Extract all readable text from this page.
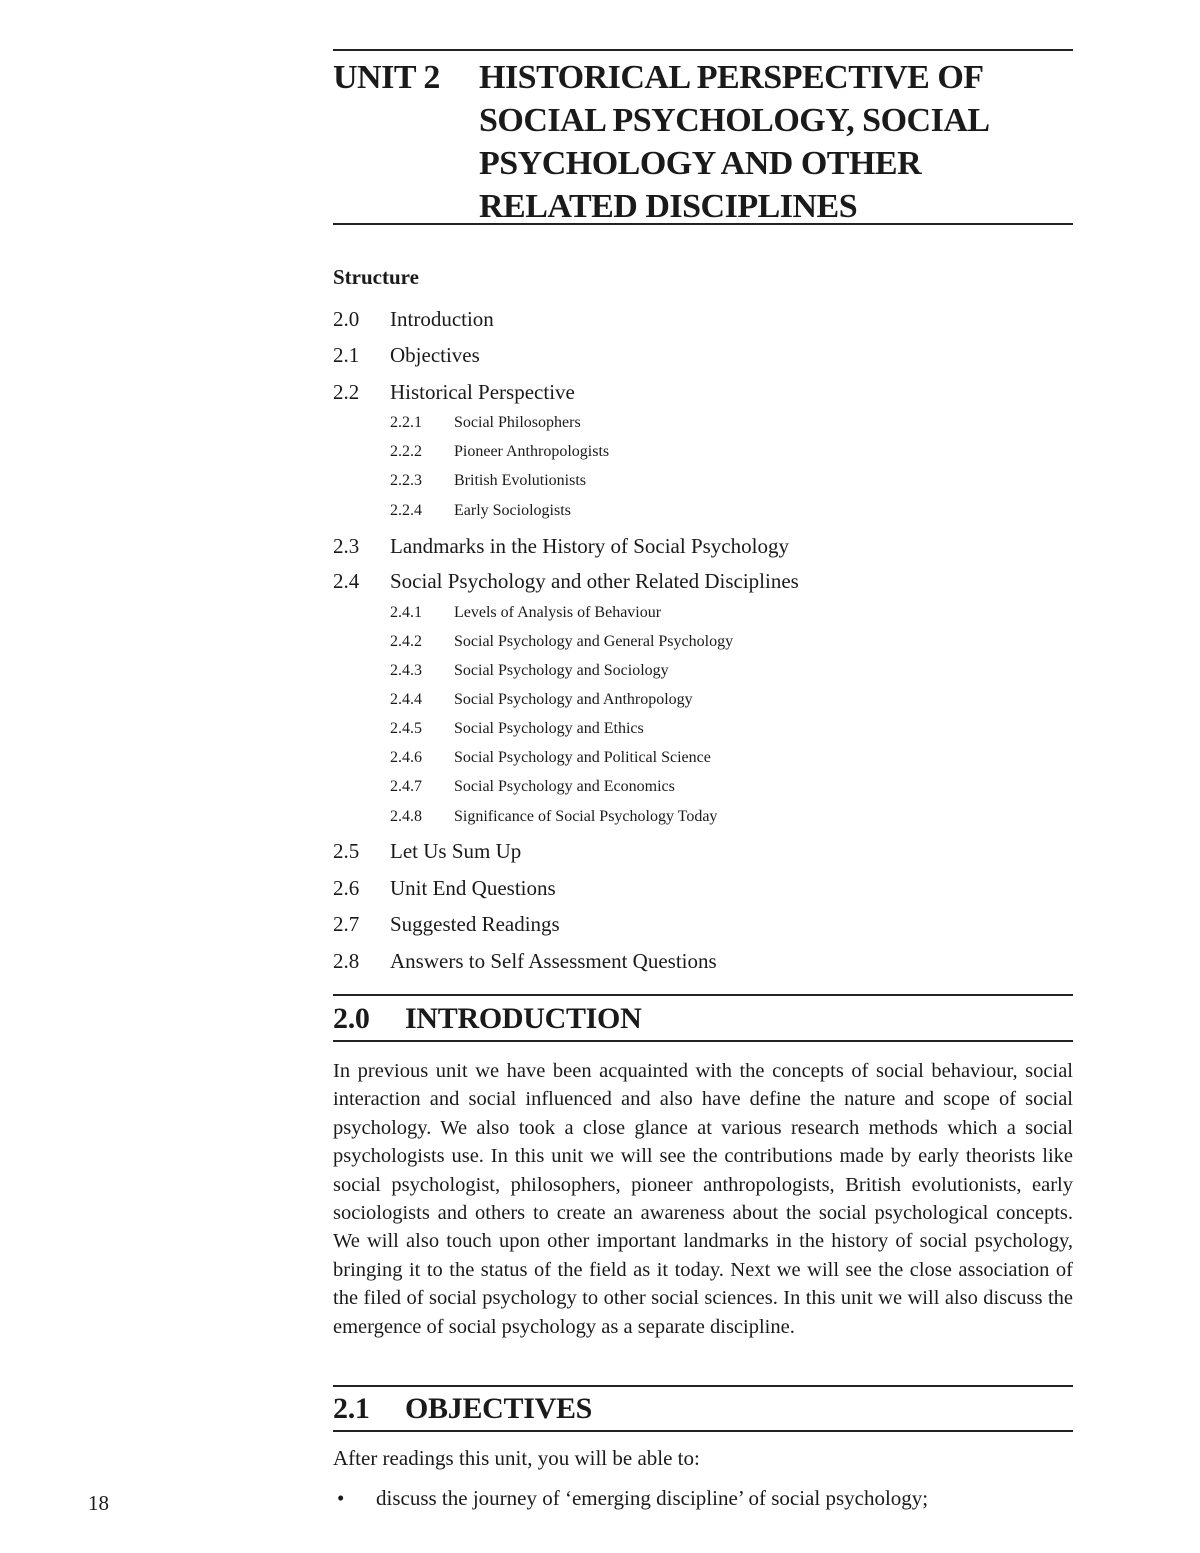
UNIT 2 HISTORICAL PERSPECTIVE OF
SOCIAL PSYCHOLOGY, SOCIAL
PSYCHOLOGY AND OTHER
RELATED DISCIPLINES
Structure
2.0 Introduction
2.1 Objectives
2.2 Historical Perspective
2.2.1 Social Philosophers
2.2.2 Pioneer Anthropologists
2.2.3 British Evolutionists
2.2.4 Early Sociologists
2.3 Landmarks in the History of Social Psychology
2.4 Social Psychology and other Related Disciplines
2.4.1 Levels of Analysis of Behaviour
2.4.2 Social Psychology and General Psychology
2.4.3 Social Psychology and Sociology
2.4.4 Social Psychology and Anthropology
2.4.5 Social Psychology and Ethics
2.4.6 Social Psychology and Political Science
2.4.7 Social Psychology and Economics
2.4.8 Significance of Social Psychology Today
2.5 Let Us Sum Up
2.6 Unit End Questions
2.7 Suggested Readings
2.8 Answers to Self Assessment Questions
2.0 INTRODUCTION
In previous unit we have been acquainted with the concepts of social behaviour, social interaction and social influenced and also have define the nature and scope of social psychology. We also took a close glance at various research methods which a social psychologists use. In this unit we will see the contributions made by early theorists like social psychologist, philosophers, pioneer anthropologists, British evolutionists, early sociologists and others to create an awareness about the social psychological concepts. We will also touch upon other important landmarks in the history of social psychology, bringing it to the status of the field as it today. Next we will see the close association of the filed of social psychology to other social sciences. In this unit we will also discuss the emergence of social psychology as a separate discipline.
2.1 OBJECTIVES
After readings this unit, you will be able to:
• discuss the journey of ‘emerging discipline’ of social psychology;
18
